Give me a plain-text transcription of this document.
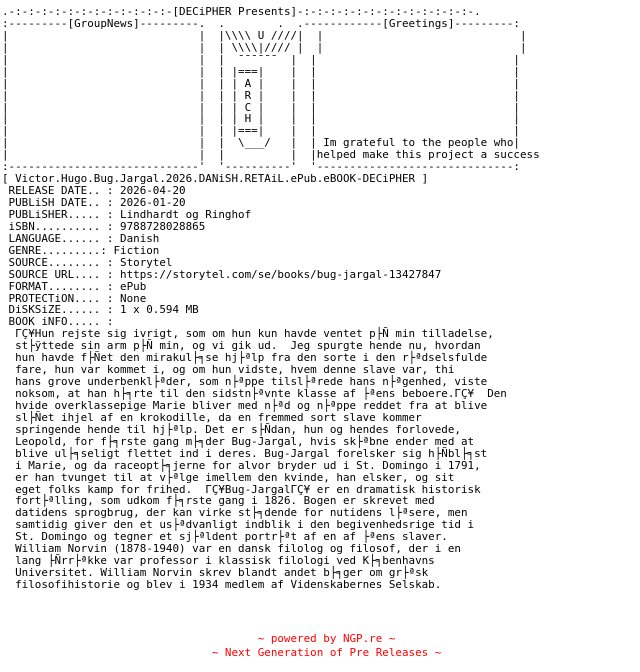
.-:-:-:-:-:-:-:-:-:-:-:-:-[DECiPHER Presents]-:-:-:-:-:-:-:-:-:-:-:-:-:-.
:---------[GroupNews]---------.  .        .  .------------[Greetings]---------:
|                             |  |\\\\ U ////|  |                              |
|                             |  | \\\\|//// |  |                              |
|                             |  |  ¯¯¯¯¯¯  |  |                              |
|                             |  | |===|    |  |                              |
|                             |  | | A |    |  |                              |
|                             |  | | R |    |  |                              |
|                             |  | | C |    |  |                              |
|                             |  | | H |    |  |                              |
|                             |  | |===|    |  |                              |
|                             |  |  \___/   |  | Im grateful to the people who|
|                             |  |          |  |helped make this project a success
:-----------------------------'  '----------'  '------------------------------:
[ Victor.Hugo.Bug.Jargal.2026.DANiSH.RETAiL.ePub.eBOOK-DECiPHER ]
RELEASE DATE.. : 2026-04-20
PUBLiSH DATE.. : 2026-01-20
PUBLiSHER..... : Lindhardt og Ringhof
iSBN.......... : 9788728028865
LANGUAGE...... : Danish
GENRE.........: Fiction
SOURCE........ : Storytel
SOURCE URL.... : https://storytel.com/se/books/bug-jargal-13427847
FORMAT........ : ePub
PROTECTiON.... : None
DiSKSiZE...... : 1 x 0.594 MB
BOOK iNFO..... :
ΓÇ¥Hun rejste sig ivrigt, som om hun kun havde ventet p├Ñ min tilladelse,
st├ÿttede sin arm p├Ñ min, og vi gik ud.  Jeg spurgte hende nu, hvordan
hun havde f├Ñet den mirakul├╕se hj├ªlp fra den sorte i den r├ªdselsfulde
fare, hun var kommet i, og om hun vidste, hvem denne slave var, thi
hans grove underbenkl├ªder, som n├ªppe tilsl├ªrede hans n├ªgenhed, viste
noksom, at han h├╕rte til den sidstn├ªvnte klasse af ├ªens beboere.ΓÇ¥  Den
hvide overklassepige Marie bliver med n├ªd og n├ªppe reddet fra at blive
sl├Ñet ihjel af en krokodille, da en fremmed sort slave kommer
springende hende til hj├ªlp. Det er s├Ñdan, hun og hendes forlovede,
Leopold, for f├╕rste gang m├╕der Bug-Jargal, hvis sk├ªbne ender med at
blive ul├╕seligt flettet ind i deres. Bug-Jargal forelsker sig h├Ñbl├╕st
i Marie, og da raceopt├╕jerne for alvor bryder ud i St. Domingo i 1791,
er han tvunget til at v├ªlge imellem den kvinde, han elsker, og sit
eget folks kamp for frihed.  ΓÇ¥Bug-JargalΓÇ¥ er en dramatisk historisk
fort├ªlling, som udkom f├╕rste gang i 1826. Bogen er skrevet med
datidens sprogbrug, der kan virke st├╕dende for nutidens l├ªsere, men
samtidig giver den et us├ªdvanligt indblik i den begivenhedsrige tid i
St. Domingo og tegner et sj├ªldent portr├ªt af en af ├ªens slaver.
William Norvin (1878-1940) var en dansk filolog og filosof, der i en
lang ├Ñrr├ªkke var professor i klassisk filologi ved K├╕benhavns
Universitet. William Norvin skrev blandt andet b├╕ger om gr├ªsk
filosofihistorie og blev i 1934 medlem af Videnskabernes Selskab.

~ powered by NGP.re ~

~ Next Generation of Pre Releases ~
